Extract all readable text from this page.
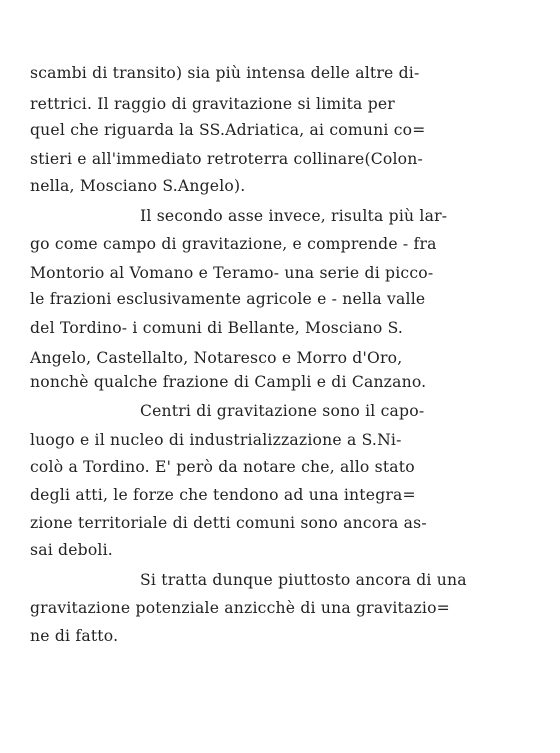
scambi di transito) sia più intensa delle altre di-
rettrici. Il raggio di gravitazione si limita per
quel che riguarda la SS.Adriatica, ai comuni co=
stieri e all'immediato retroterra collinare(Colon-
nella, Mosciano S.Angelo).
Il secondo asse invece, risulta più lar-
go come campo di gravitazione, e comprende - fra
Montorio al Vomano e Teramo- una serie di picco-
le frazioni esclusivamente agricole e - nella valle
del Tordino- i comuni di Bellante, Mosciano S.
Angelo, Castellalto, Notaresco e Morro d'Oro,
nonchè qualche frazione di Campli e di Canzano.
Centri di gravitazione sono il capo-
luogo e il nucleo di industrializzazione a S.Ni-
colò a Tordino. E' però da notare che, allo stato
degli atti, le forze che tendono ad una integra=
zione territoriale di detti comuni sono ancora as-
sai deboli.
Si tratta dunque piuttosto ancora di una
gravitazione potenziale anzicchè di una gravitazio=
ne di fatto.
